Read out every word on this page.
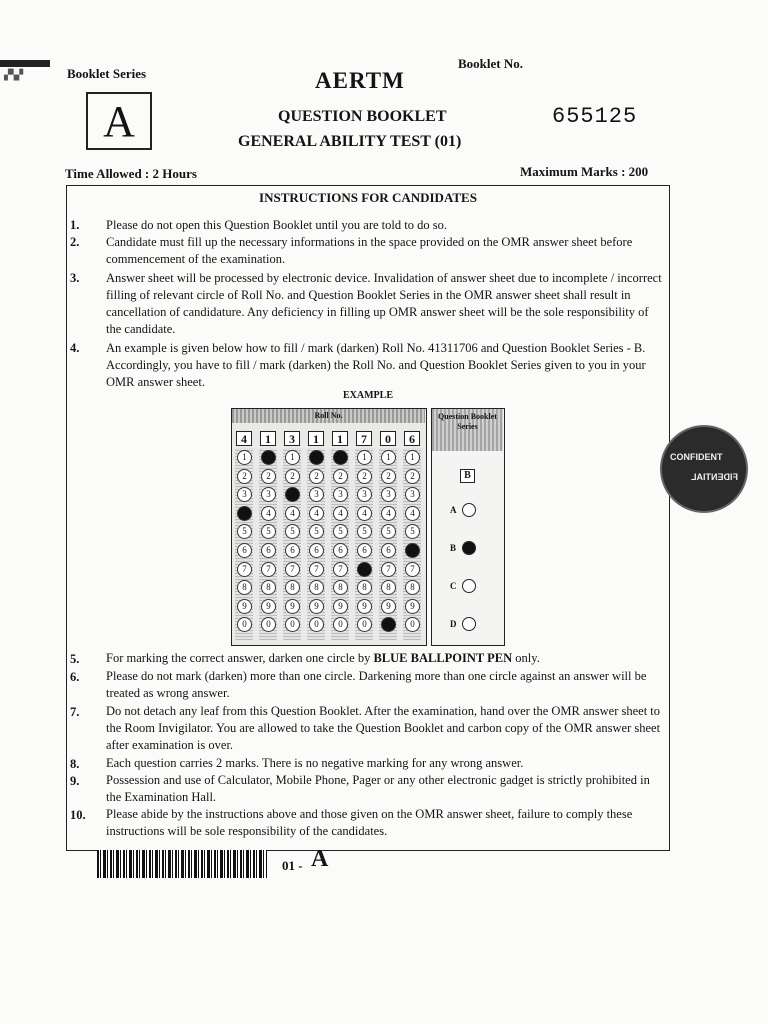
▞▚▞	Booklet Series
A
AERTM
Booklet No.
655125
QUESTION BOOKLET
GENERAL ABILITY TEST (01)
Time Allowed : 2 Hours	Maximum Marks : 200
INSTRUCTIONS FOR CANDIDATES
1. Please do not open this Question Booklet until you are told to do so.
2. Candidate must fill up the necessary informations in the space provided on the OMR answer sheet before commencement of the examination.
3. Answer sheet will be processed by electronic device. Invalidation of answer sheet due to incomplete / incorrect filling of relevant circle of Roll No. and Question Booklet Series in the OMR answer sheet shall result in cancellation of candidature. Any deficiency in filling up OMR answer sheet will be the sole responsibility of the candidate.
4. An example is given below how to fill / mark (darken) Roll No. 41311706 and Question Booklet Series - B. Accordingly, you have to fill / mark (darken) the Roll No. and Question Booklet Series given to you in your OMR answer sheet.
EXAMPLE
Roll No.
4
1
2
3
4
5
6
7
8
9
0
1
1
2
3
4
5
6
7
8
9
0
3
1
2
3
4
5
6
7
8
9
0
1
1
2
3
4
5
6
7
8
9
0
1
1
2
3
4
5
6
7
8
9
0
7
1
2
3
4
5
6
7
8
9
0
0
1
2
3
4
5
6
7
8
9
0
6
1
2
3
4
5
6
7
8
9
0
Question Booklet Series
B
A
B
C
D
CONFIDENT
FIDENTIAL
5. For marking the correct answer, darken one circle by BLUE BALLPOINT PEN only.
6. Please do not mark (darken) more than one circle. Darkening more than one circle against an answer will be treated as wrong answer.
7. Do not detach any leaf from this Question Booklet. After the examination, hand over the OMR answer sheet to the Room Invigilator. You are allowed to take the Question Booklet and carbon copy of the OMR answer sheet after examination is over.
8. Each question carries 2 marks. There is no negative marking for any wrong answer.
9. Possession and use of Calculator, Mobile Phone, Pager or any other electronic gadget is strictly prohibited in the Examination Hall.
10. Please abide by the instructions above and those given on the OMR answer sheet, failure to comply these instructions will be sole responsibility of the candidates.
01 - A
